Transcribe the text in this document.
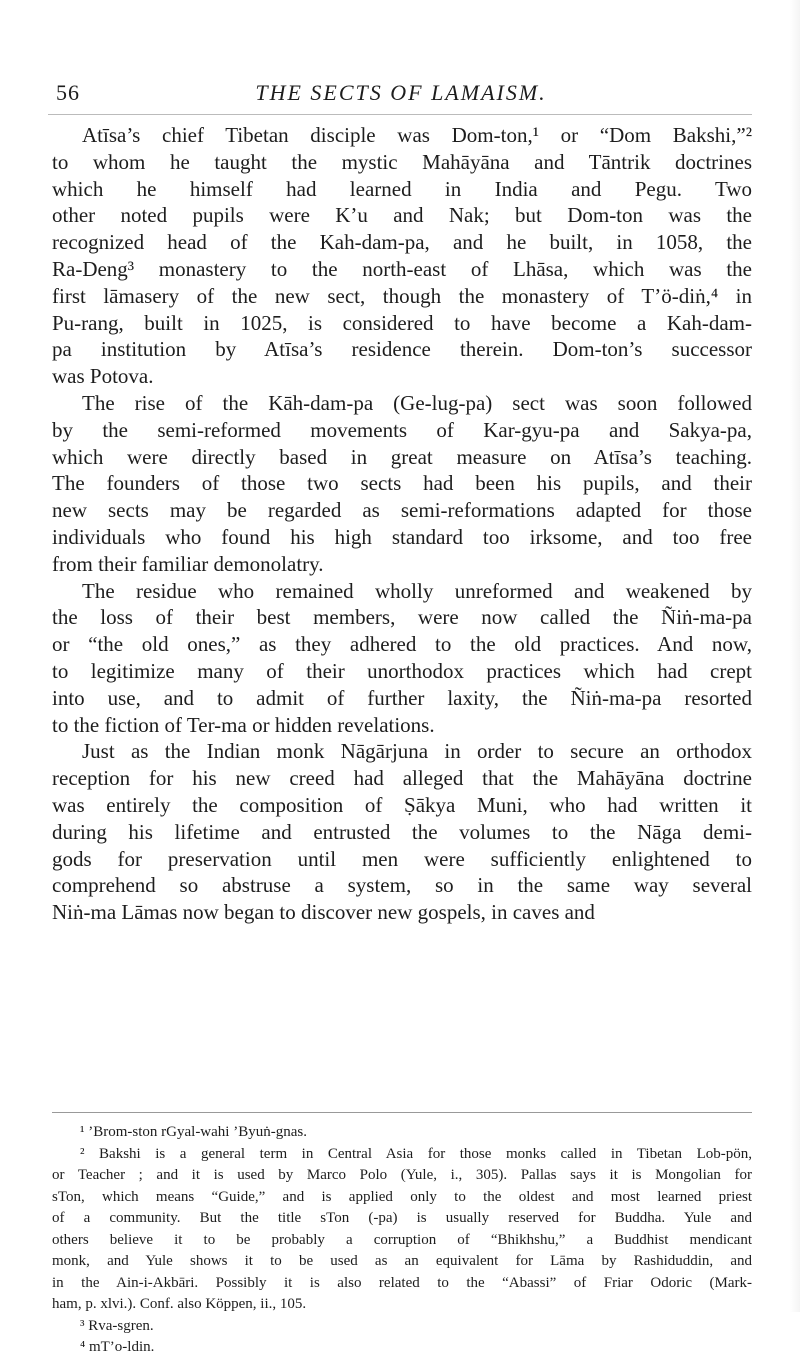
56	THE SECTS OF LAMAISM.

Atīsa’s chief Tibetan disciple was Dom-ton,¹ or “Dom Bakshi,”²
to whom he taught the mystic Mahāyāna and Tāntrik doctrines
which he himself had learned in India and Pegu. Two
other noted pupils were K’u and Nak; but Dom-ton was the
recognized head of the Kah-dam-pa, and he built, in 1058, the
Ra-Deng³ monastery to the north-east of Lhāsa, which was the
first lāmasery of the new sect, though the monastery of T’ö-diṅ,⁴ in
Pu-rang, built in 1025, is considered to have become a Kah-dam-
pa institution by Atīsa’s residence therein. Dom-ton’s successor
was Potova.

The rise of the Kāh-dam-pa (Ge-lug-pa) sect was soon followed
by the semi-reformed movements of Kar-gyu-pa and Sakya-pa,
which were directly based in great measure on Atīsa’s teaching.
The founders of those two sects had been his pupils, and their
new sects may be regarded as semi-reformations adapted for those
individuals who found his high standard too irksome, and too free
from their familiar demonolatry.

The residue who remained wholly unreformed and weakened by
the loss of their best members, were now called the Ñiṅ-ma-pa
or “the old ones,” as they adhered to the old practices. And now,
to legitimize many of their unorthodox practices which had crept
into use, and to admit of further laxity, the Ñiṅ-ma-pa resorted
to the fiction of Ter-ma or hidden revelations.

Just as the Indian monk Nāgārjuna in order to secure an orthodox
reception for his new creed had alleged that the Mahāyāna doctrine
was entirely the composition of Ṣākya Muni, who had written it
during his lifetime and entrusted the volumes to the Nāga demi-
gods for preservation until men were sufficiently enlightened to
comprehend so abstruse a system, so in the same way several
Niṅ-ma Lāmas now began to discover new gospels, in caves and

¹ ’Brom-ston rGyal-wahi ’Byuṅ-gnas.

² Bakshi is a general term in Central Asia for those monks called in Tibetan Lob-pön,
or Teacher ; and it is used by Marco Polo (Yule, i., 305). Pallas says it is Mongolian for
sTon, which means “Guide,” and is applied only to the oldest and most learned priest
of a community. But the title sTon (-pa) is usually reserved for Buddha. Yule and
others believe it to be probably a corruption of “Bhikhshu,” a Buddhist mendicant
monk, and Yule shows it to be used as an equivalent for Lāma by Rashiduddin, and
in the Ain-i-Akbāri. Possibly it is also related to the “Abassi” of Friar Odoric (Mark-
ham, p. xlvi.). Conf. also Köppen, ii., 105.

³ Rva-sgren.

⁴ mT’o-ldin.
